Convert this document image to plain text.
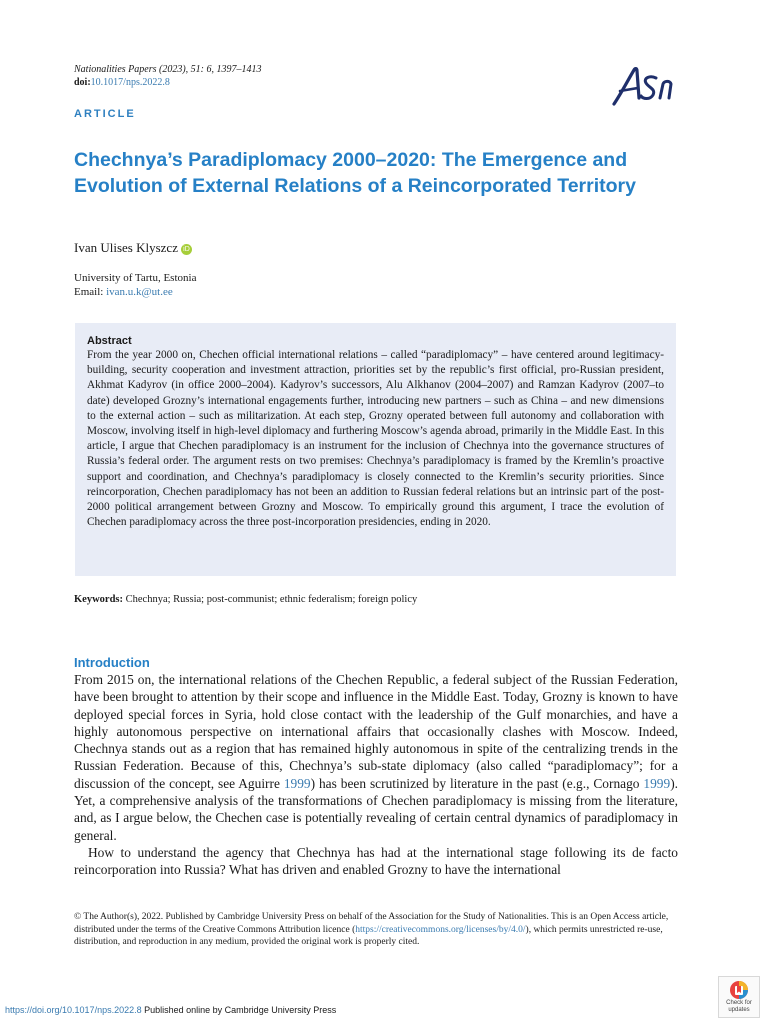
Nationalities Papers (2023), 51: 6, 1397–1413
doi:10.1017/nps.2022.8
ARTICLE
Chechnya’s Paradiplomacy 2000–2020: The Emergence and Evolution of External Relations of a Reincorporated Territory
Ivan Ulises Klyszcz iD
University of Tartu, Estonia
Email: ivan.u.k@ut.ee
Abstract

From the year 2000 on, Chechen official international relations – called “paradiplomacy” – have centered around legitimacy-building, security cooperation and investment attraction, priorities set by the republic’s first official, pro-Russian president, Akhmat Kadyrov (in office 2000–2004). Kadyrov’s successors, Alu Alkhanov (2004–2007) and Ramzan Kadyrov (2007–to date) developed Grozny’s international engagements further, introducing new partners – such as China – and new dimensions to the external action – such as militarization. At each step, Grozny operated between full autonomy and collaboration with Moscow, involving itself in high-level diplomacy and furthering Moscow’s agenda abroad, primarily in the Middle East. In this article, I argue that Chechen paradiplomacy is an instrument for the inclusion of Chechnya into the governance structures of Russia’s federal order. The argument rests on two premises: Chechnya’s paradiplomacy is framed by the Kremlin’s proactive support and coordination, and Chechnya’s paradiplomacy is closely connected to the Kremlin’s security priorities. Since reincorporation, Chechen paradiplomacy has not been an addition to Russian federal relations but an intrinsic part of the post-2000 political arrangement between Grozny and Moscow. To empirically ground this argument, I trace the evolution of Chechen paradiplomacy across the three post-incorporation presidencies, ending in 2020.

Keywords: Chechnya; Russia; post-communist; ethnic federalism; foreign policy
Introduction

From 2015 on, the international relations of the Chechen Republic, a federal subject of the Russian Federation, have been brought to attention by their scope and influence in the Middle East. Today, Grozny is known to have deployed special forces in Syria, hold close contact with the leadership of the Gulf monarchies, and have a highly autonomous perspective on international affairs that occasionally clashes with Moscow. Indeed, Chechnya stands out as a region that has remained highly autonomous in spite of the centralizing trends in the Russian Federation. Because of this, Chechnya’s sub-state diplomacy (also called “paradiplomacy”; for a discussion of the concept, see Aguirre 1999) has been scrutinized by literature in the past (e.g., Cornago 1999). Yet, a comprehensive analysis of the transformations of Chechen paradiplomacy is missing from the literature, and, as I argue below, the Chechen case is potentially revealing of certain central dynamics of paradiplomacy in general.

How to understand the agency that Chechnya has had at the international stage following its de facto reincorporation into Russia? What has driven and enabled Grozny to have the international

© The Author(s), 2022. Published by Cambridge University Press on behalf of the Association for the Study of Nationalities. This is an Open Access article, distributed under the terms of the Creative Commons Attribution licence (https://creativecommons.org/licenses/by/4.0/), which permits unrestricted re-use, distribution, and reproduction in any medium, provided the original work is properly cited.

https://doi.org/10.1017/nps.2022.8 Published online by Cambridge University Press
Check for
updates
